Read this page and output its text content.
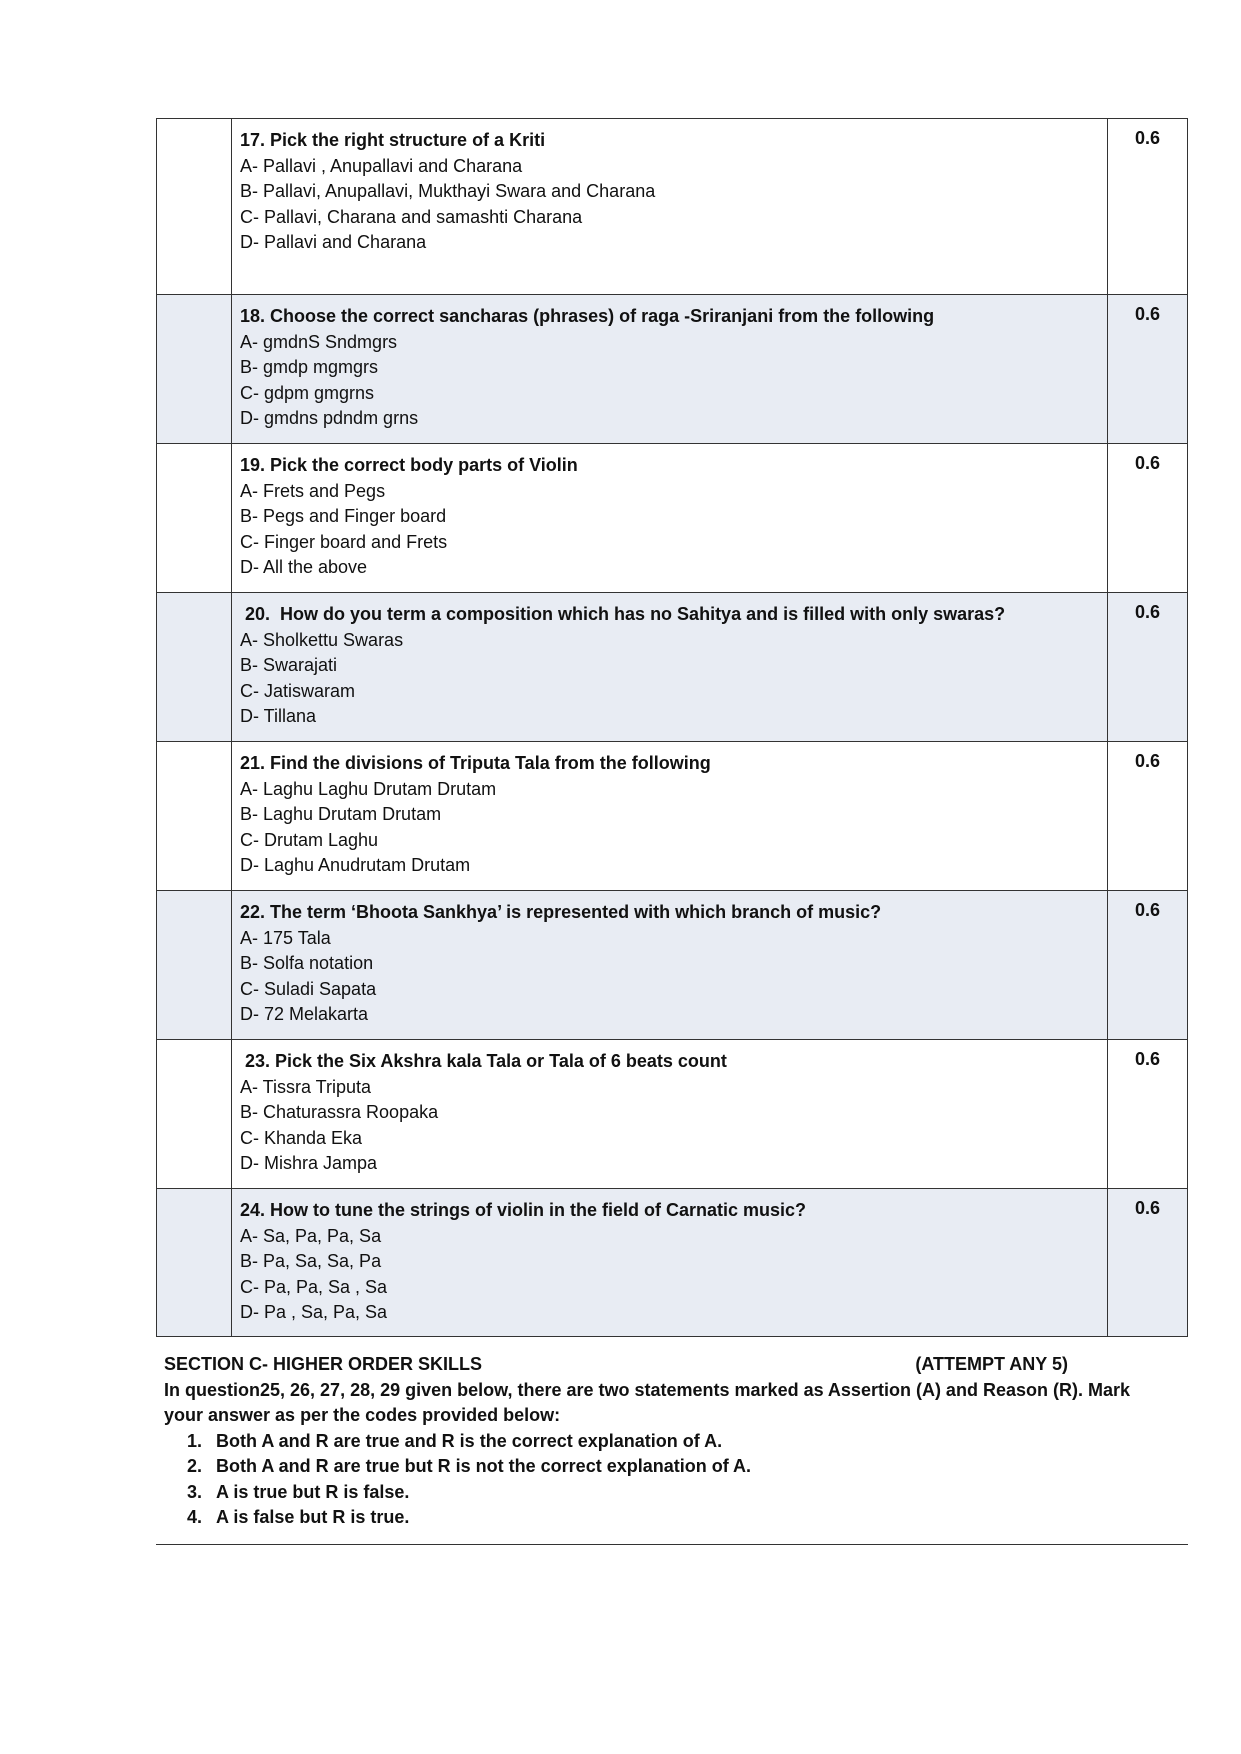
	17. Pick the right structure of a Kriti
A- Pallavi , Anupallavi and Charana
B- Pallavi, Anupallavi, Mukthayi Swara and Charana
C- Pallavi, Charana and samashti Charana
D- Pallavi and Charana	0.6

	18. Choose the correct sancharas (phrases) of raga -Sriranjani from the following
A- gmdnS Sndmgrs
B- gmdp mgmgrs
C- gdpm gmgrns
D- gmdns pdndm grns	0.6

	19. Pick the correct body parts of Violin
A- Frets and Pegs
B- Pegs and Finger board
C- Finger board and Frets
D- All the above	0.6

	20.  How do you term a composition which has no Sahitya and is filled with only swaras?
A- Sholkettu Swaras
B- Swarajati
C- Jatiswaram
D- Tillana	0.6

	21. Find the divisions of Triputa Tala from the following
A- Laghu Laghu Drutam Drutam
B- Laghu Drutam Drutam
C- Drutam Laghu
D- Laghu Anudrutam Drutam	0.6

	22. The term ‘Bhoota Sankhya’ is represented with which branch of music?
A- 175 Tala
B- Solfa notation
C- Suladi Sapata
D- 72 Melakarta	0.6

	23. Pick the Six Akshra kala Tala or Tala of 6 beats count
A- Tissra Triputa
B- Chaturassra Roopaka
C- Khanda Eka
D- Mishra Jampa	0.6

	24. How to tune the strings of violin in the field of Carnatic music?
A- Sa, Pa, Pa, Sa
B- Pa, Sa, Sa, Pa
C- Pa, Pa, Sa , Sa
D- Pa , Sa, Pa, Sa	0.6
SECTION C- HIGHER ORDER SKILLS	(ATTEMPT ANY 5)
In question25, 26, 27, 28, 29 given below, there are two statements marked as Assertion (A) and Reason (R). Mark your answer as per the codes provided below:
1. Both A and R are true and R is the correct explanation of A.
2. Both A and R are true but R is not the correct explanation of A.
3. A is true but R is false.
4. A is false but R is true.
